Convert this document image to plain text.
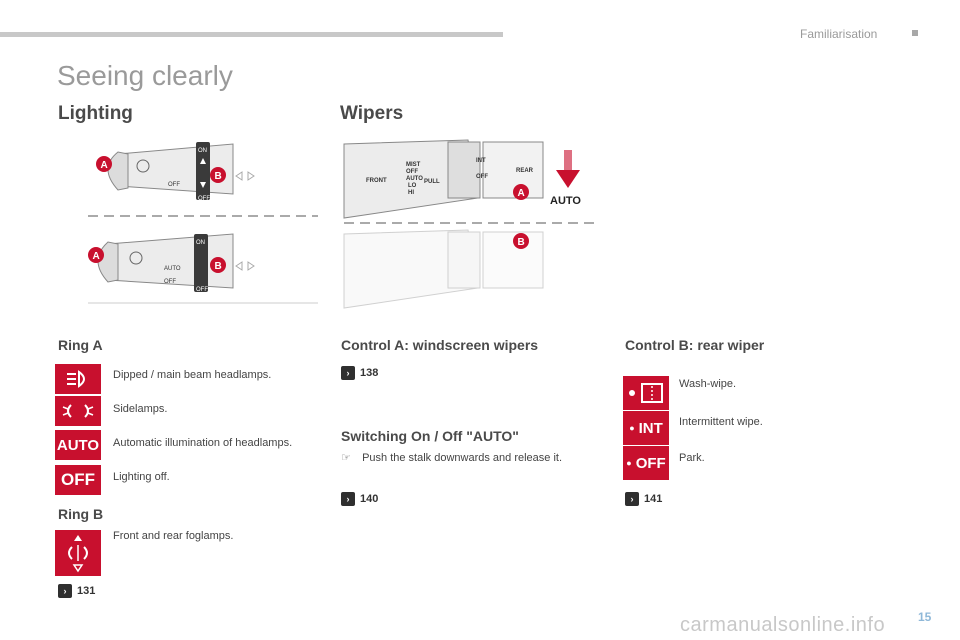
Familiarisation
Seeing clearly
Lighting
ON
OFF
OFF
ON
OFF
AUTO
OFF
A
B
A
B
Ring A
Dipped / main beam headlamps.
Sidelamps.
AUTO Automatic illumination of headlamps.
OFF	Lighting off.
Ring B
Front and rear foglamps.
› 131
Wipers
FRONT
MIST
OFF
AUTO
LO
HI
PULL
INT
OFF
REAR
A
B
AUTO
Control A: windscreen wipers
› 138
Switching On / Off "AUTO"
☞ Push the stalk downwards and release it.
› 140
Control B: rear wiper
Wash-wipe.
● INT Intermittent wipe.
● OFF Park.
› 141
carmanualsonline.info	15
